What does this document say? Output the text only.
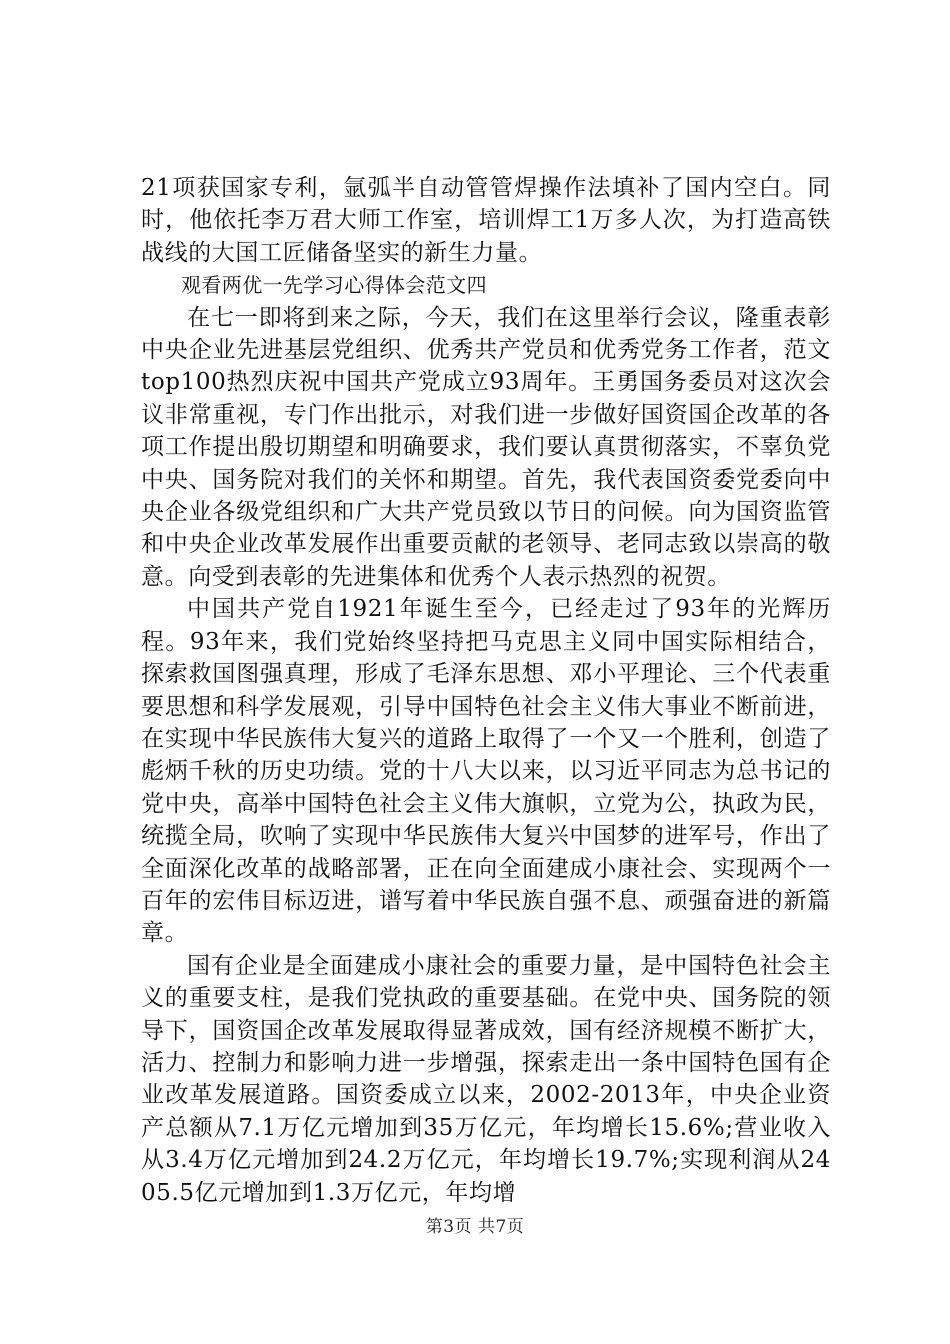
21项获国家专利，氩弧半自动管管焊操作法填补了国内空白。同时，他依托李万君大师工作室，培训焊工1万多人次，为打造高铁战线的大国工匠储备坚实的新生力量。

观看两优一先学习心得体会范文四

在七一即将到来之际，今天，我们在这里举行会议，隆重表彰中央企业先进基层党组织、优秀共产党员和优秀党务工作者，范文top100热烈庆祝中国共产党成立93周年。王勇国务委员对这次会议非常重视，专门作出批示，对我们进一步做好国资国企改革的各项工作提出殷切期望和明确要求，我们要认真贯彻落实，不辜负党中央、国务院对我们的关怀和期望。首先，我代表国资委党委向中央企业各级党组织和广大共产党员致以节日的问候。向为国资监管和中央企业改革发展作出重要贡献的老领导、老同志致以崇高的敬意。向受到表彰的先进集体和优秀个人表示热烈的祝贺。

中国共产党自1921年诞生至今，已经走过了93年的光辉历程。93年来，我们党始终坚持把马克思主义同中国实际相结合，探索救国图强真理，形成了毛泽东思想、邓小平理论、三个代表重要思想和科学发展观，引导中国特色社会主义伟大事业不断前进，在实现中华民族伟大复兴的道路上取得了一个又一个胜利，创造了彪炳千秋的历史功绩。党的十八大以来，以习近平同志为总书记的党中央，高举中国特色社会主义伟大旗帜，立党为公，执政为民，统揽全局，吹响了实现中华民族伟大复兴中国梦的进军号，作出了全面深化改革的战略部署，正在向全面建成小康社会、实现两个一百年的宏伟目标迈进，谱写着中华民族自强不息、顽强奋进的新篇章。

国有企业是全面建成小康社会的重要力量，是中国特色社会主义的重要支柱，是我们党执政的重要基础。在党中央、国务院的领导下，国资国企改革发展取得显著成效，国有经济规模不断扩大，活力、控制力和影响力进一步增强，探索走出一条中国特色国有企业改革发展道路。国资委成立以来，2002-2013年，中央企业资产总额从7.1万亿元增加到35万亿元，年均增长15.6%;营业收入从3.4万亿元增加到24.2万亿元，年均增长19.7%;实现利润从2405.5亿元增加到1.3万亿元，年均增

第3页 共7页
